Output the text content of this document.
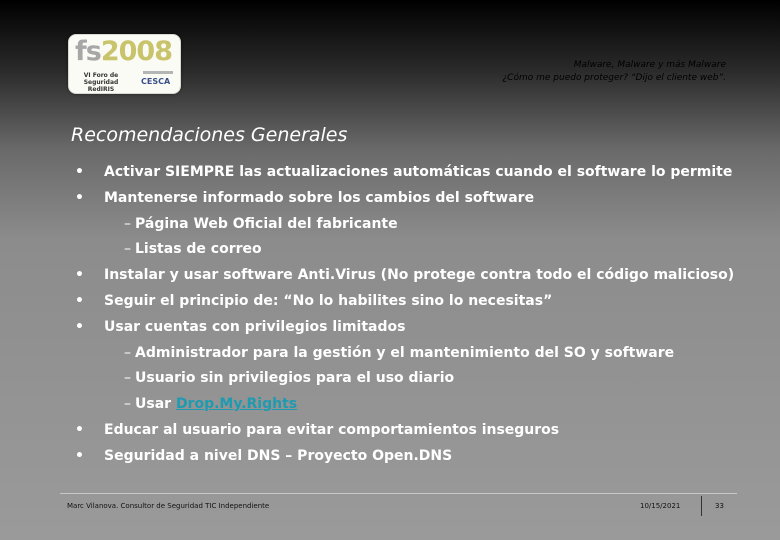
fs2008
VI Foro de
Seguridad RedIRIS
CESCA
Malware, Malware y más Malware
¿Cómo me puedo proteger? “Dijo el cliente web”.
Recomendaciones Generales
• Activar SIEMPRE las actualizaciones automáticas cuando el software lo permite
• Mantenerse informado sobre los cambios del software
– Página Web Oficial del fabricante
– Listas de correo
• Instalar y usar software Anti.Virus (No protege contra todo el código malicioso)
• Seguir el principio de: “No lo habilites sino lo necesitas”
• Usar cuentas con privilegios limitados
– Administrador para la gestión y el mantenimiento del SO y software
– Usuario sin privilegios para el uso diario
– Usar Drop.My.Rights
• Educar al usuario para evitar comportamientos inseguros
• Seguridad a nivel DNS – Proyecto Open.DNS
Marc Vilanova. Consultor de Seguridad TIC Independiente	10/15/2021	33
